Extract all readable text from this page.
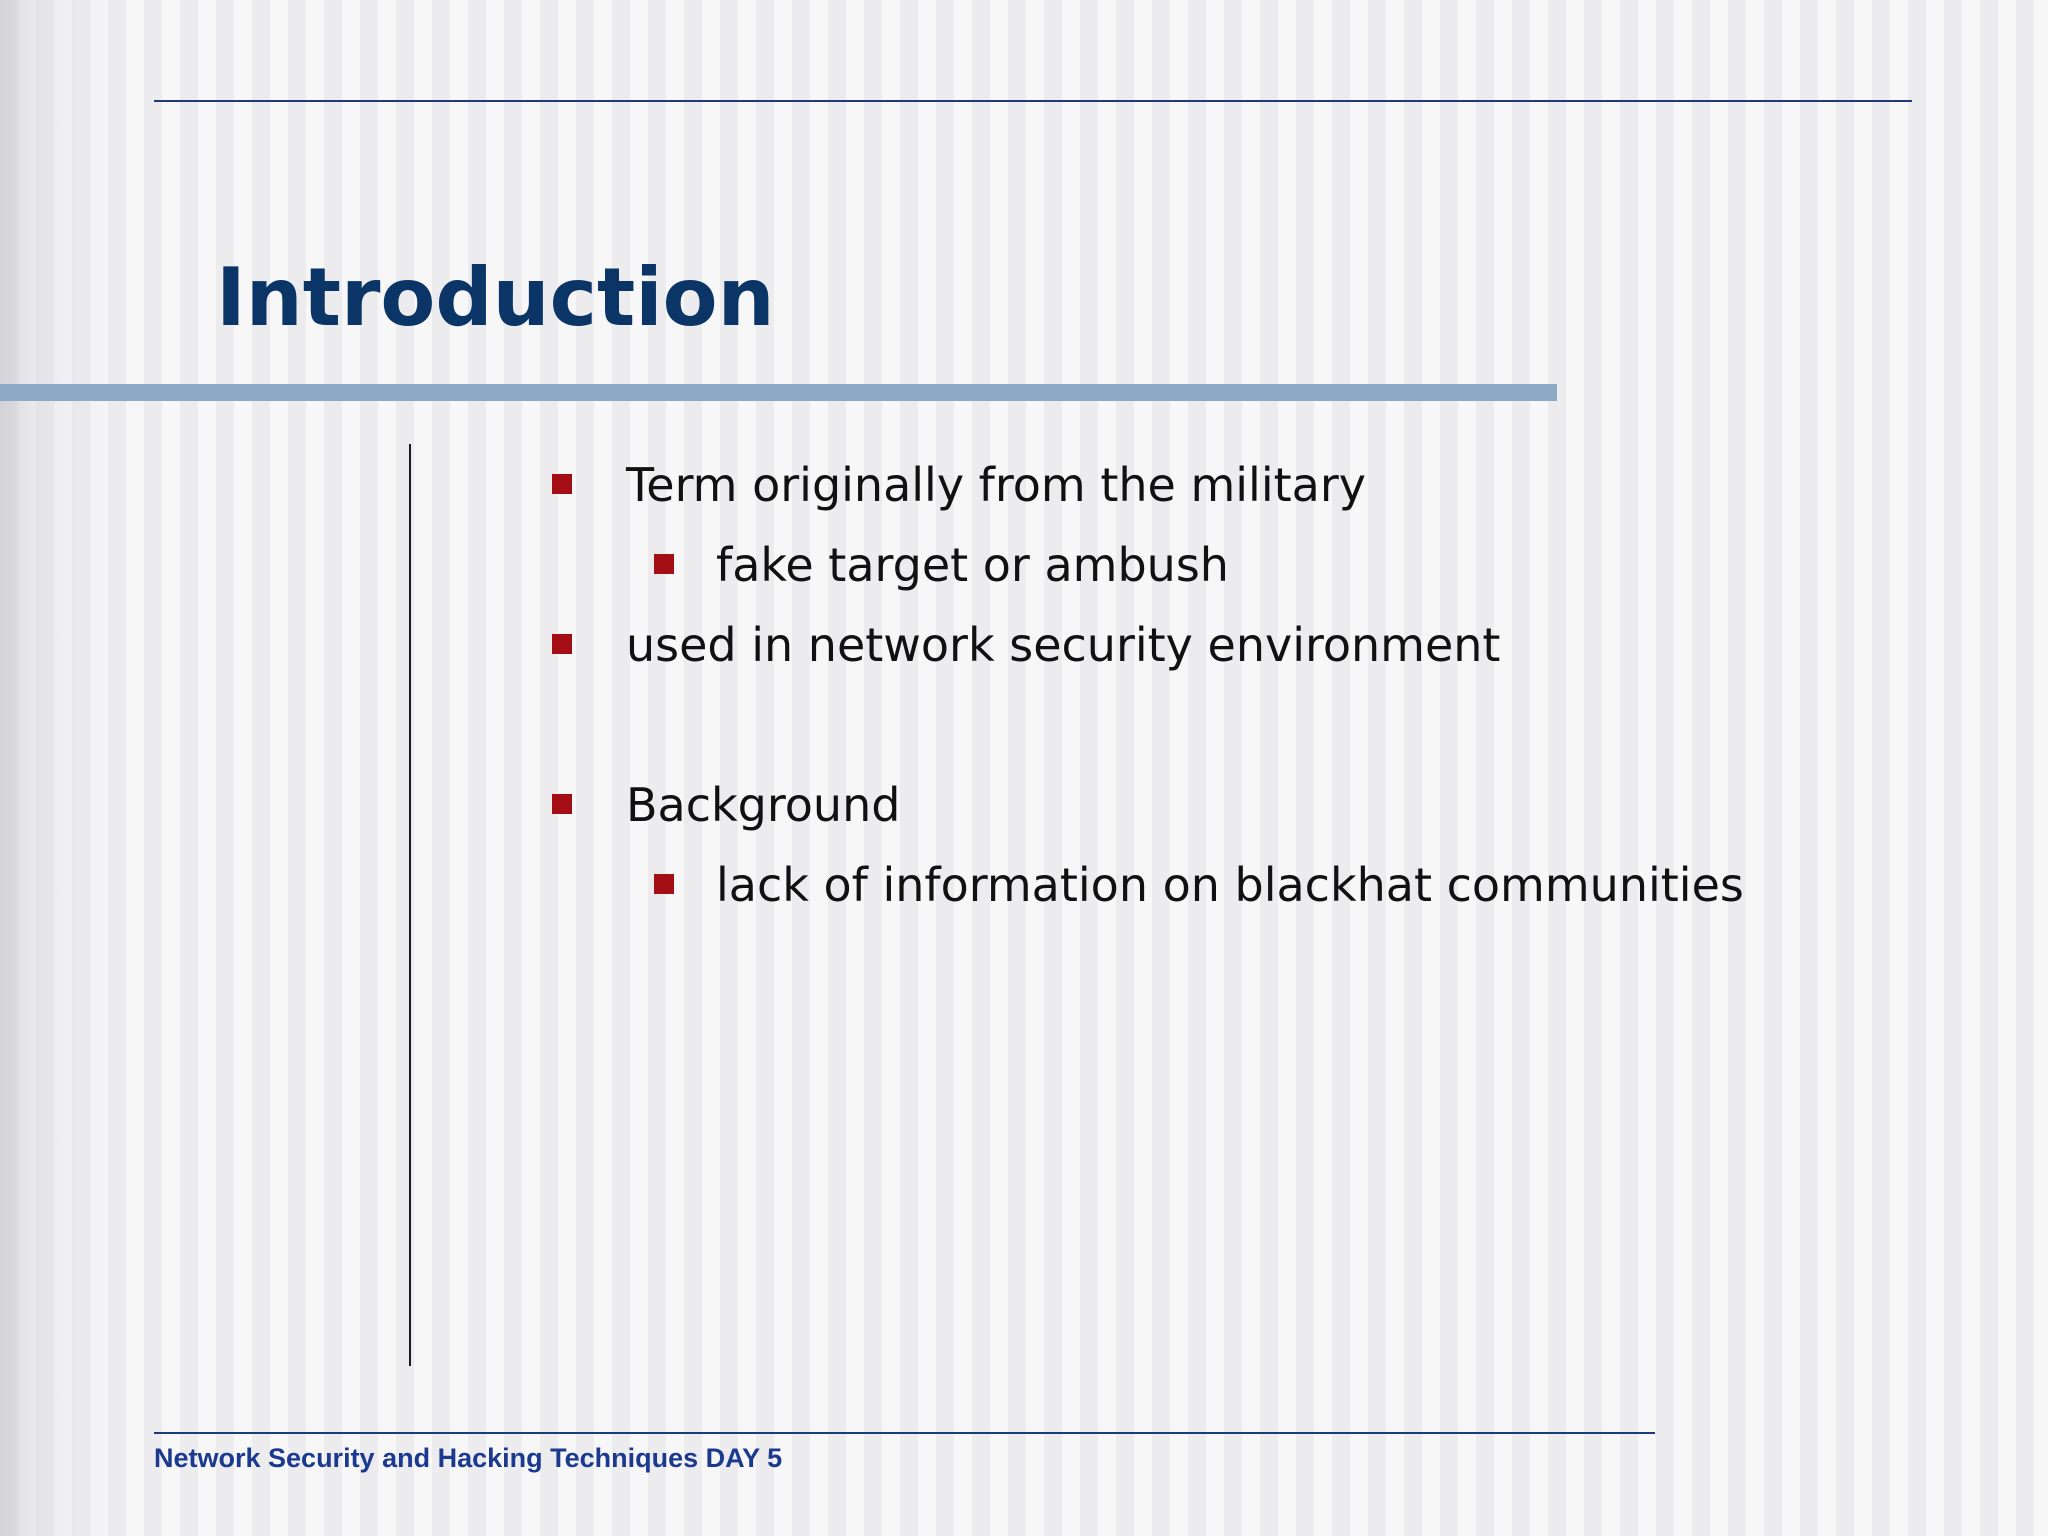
Introduction
Term originally from the military
fake target or ambush
used in network security environment
Background
lack of information on blackhat communities

Network Security and Hacking Techniques DAY 5
